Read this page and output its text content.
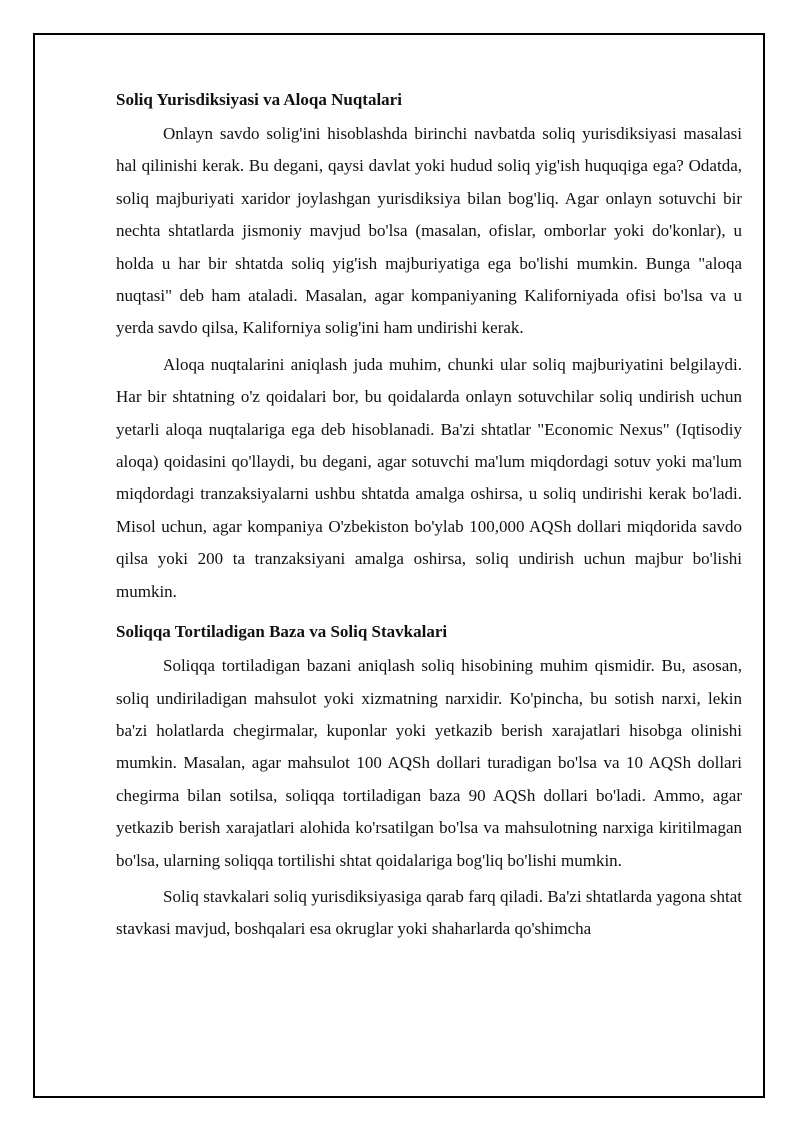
Soliq Yurisdiksiyasi va Aloqa Nuqtalari

Onlayn savdo solig'ini hisoblashda birinchi navbatda soliq yurisdiksiyasi masalasi hal qilinishi kerak. Bu degani, qaysi davlat yoki hudud soliq yig'ish huquqiga ega? Odatda, soliq majburiyati xaridor joylashgan yurisdiksiya bilan bog'liq. Agar onlayn sotuvchi bir nechta shtatlarda jismoniy mavjud bo'lsa (masalan, ofislar, omborlar yoki do'konlar), u holda u har bir shtatda soliq yig'ish majburiyatiga ega bo'lishi mumkin. Bunga "aloqa nuqtasi" deb ham ataladi. Masalan, agar kompaniyaning Kaliforniyada ofisi bo'lsa va u yerda savdo qilsa, Kaliforniya solig'ini ham undirishi kerak.

Aloqa nuqtalarini aniqlash juda muhim, chunki ular soliq majburiyatini belgilaydi. Har bir shtatning o'z qoidalari bor, bu qoidalarda onlayn sotuvchilar soliq undirish uchun yetarli aloqa nuqtalariga ega deb hisoblanadi. Ba'zi shtatlar "Economic Nexus" (Iqtisodiy aloqa) qoidasini qo'llaydi, bu degani, agar sotuvchi ma'lum miqdordagi sotuv yoki ma'lum miqdordagi tranzaksiyalarni ushbu shtatda amalga oshirsa, u soliq undirishi kerak bo'ladi. Misol uchun, agar kompaniya O'zbekiston bo'ylab 100,000 AQSh dollari miqdorida savdo qilsa yoki 200 ta tranzaksiyani amalga oshirsa, soliq undirish uchun majbur bo'lishi mumkin.

Soliqqa Tortiladigan Baza va Soliq Stavkalari

Soliqqa tortiladigan bazani aniqlash soliq hisobining muhim qismidir. Bu, asosan, soliq undiriladigan mahsulot yoki xizmatning narxidir. Ko'pincha, bu sotish narxi, lekin ba'zi holatlarda chegirmalar, kuponlar yoki yetkazib berish xarajatlari hisobga olinishi mumkin. Masalan, agar mahsulot 100 AQSh dollari turadigan bo'lsa va 10 AQSh dollari chegirma bilan sotilsa, soliqqa tortiladigan baza 90 AQSh dollari bo'ladi. Ammo, agar yetkazib berish xarajatlari alohida ko'rsatilgan bo'lsa va mahsulotning narxiga kiritilmagan bo'lsa, ularning soliqqa tortilishi shtat qoidalariga bog'liq bo'lishi mumkin.

Soliq stavkalari soliq yurisdiksiyasiga qarab farq qiladi. Ba'zi shtatlarda yagona shtat stavkasi mavjud, boshqalari esa okruglar yoki shaharlarda qo'shimcha
